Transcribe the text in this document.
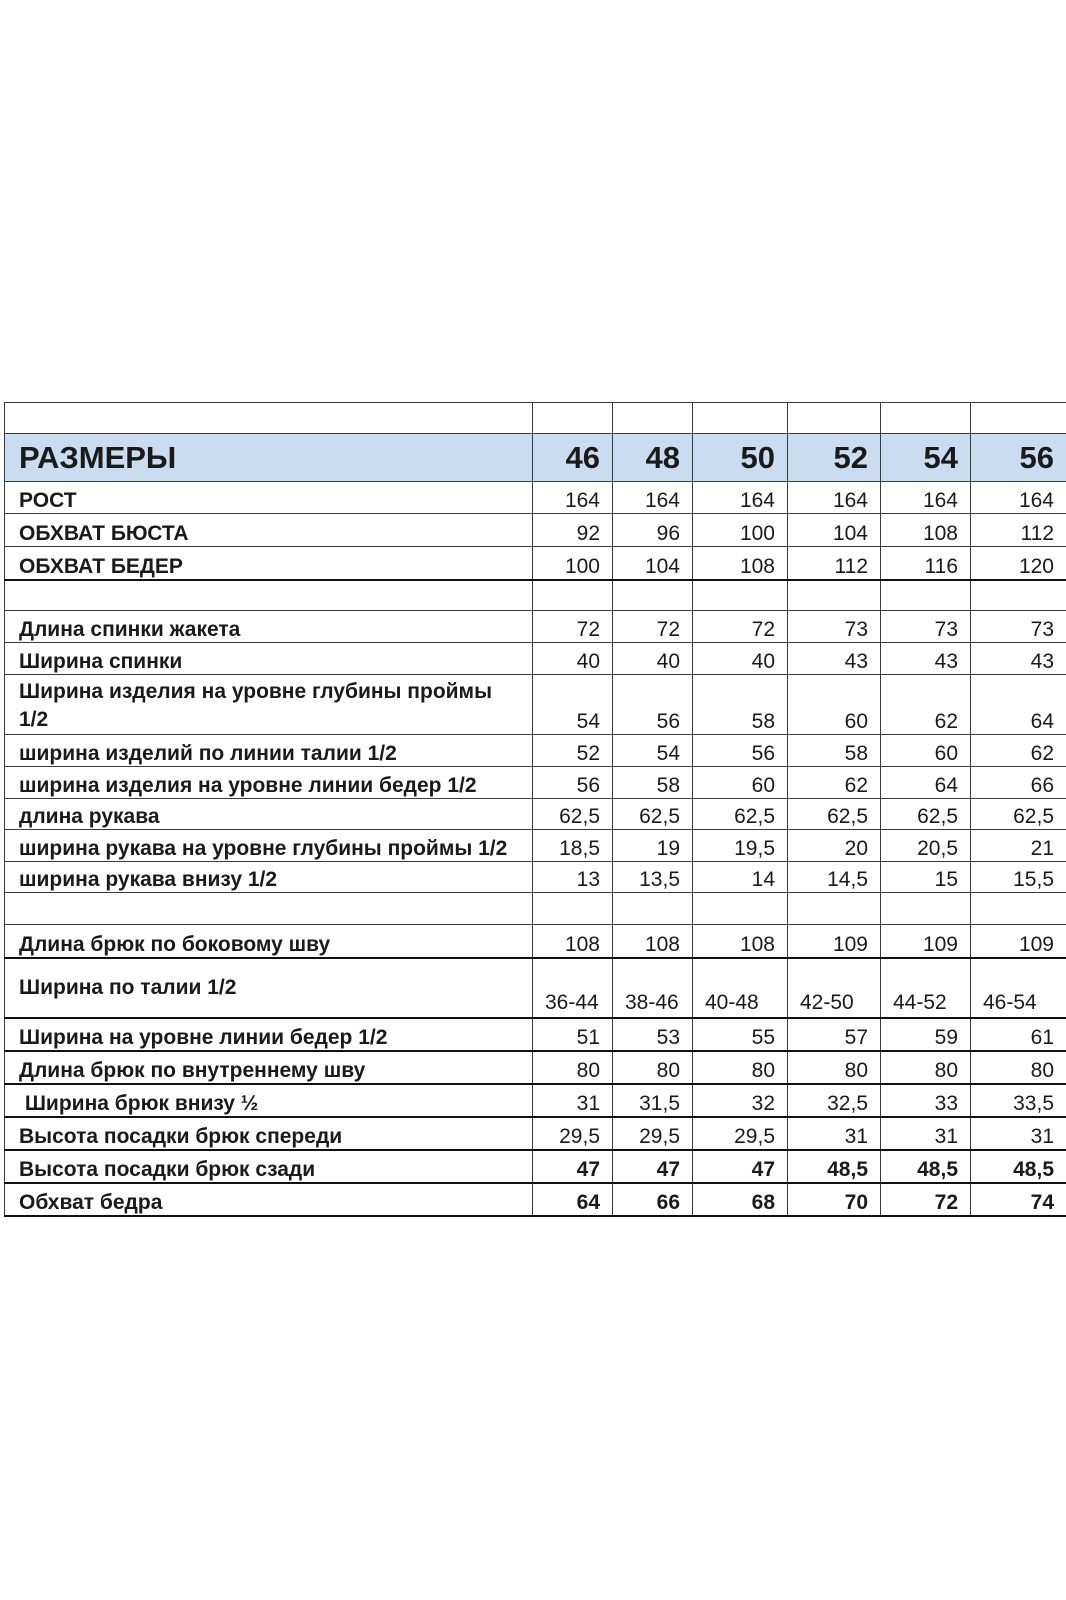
РАЗМЕРЫ	46	48	50	52	54	56
РОСТ	164	164	164	164	164	164
ОБХВАТ БЮСТА	92	96	100	104	108	112
ОБХВАТ БЕДЕР	100	104	108	112	116	120

Длина спинки жакета	72	72	72	73	73	73
Ширина спинки	40	40	40	43	43	43
Ширина изделия на уровне глубины проймы 1/2	54	56	58	60	62	64
ширина изделий по линии талии 1/2	52	54	56	58	60	62
ширина изделия на уровне линии бедер 1/2	56	58	60	62	64	66
длина рукава	62,5	62,5	62,5	62,5	62,5	62,5
ширина рукава на уровне глубины проймы 1/2	18,5	19	19,5	20	20,5	21
ширина рукава внизу 1/2	13	13,5	14	14,5	15	15,5

Длина брюк по боковому шву	108	108	108	109	109	109
Ширина по талии 1/2	36-44	38-46	40-48	42-50	44-52	46-54
Ширина на уровне линии бедер 1/2	51	53	55	57	59	61
Длина брюк по внутреннему шву	80	80	80	80	80	80
Ширина брюк внизу ½	31	31,5	32	32,5	33	33,5
Высота посадки брюк спереди	29,5	29,5	29,5	31	31	31
Высота посадки брюк сзади	47	47	47	48,5	48,5	48,5
Обхват бедра	64	66	68	70	72	74
